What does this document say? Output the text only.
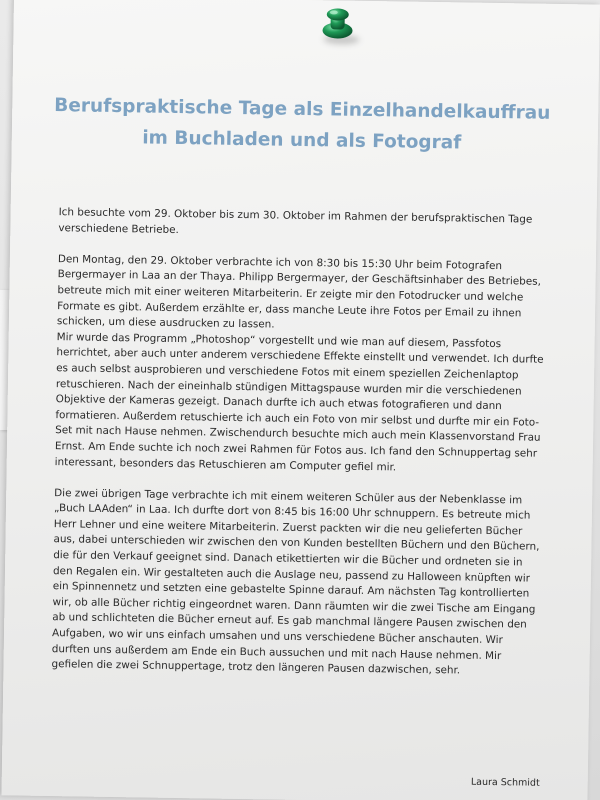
Berufspraktische Tage als Einzelhandelkauffrau im Buchladen und als Fotograf

Ich besuchte vom 29. Oktober bis zum 30. Oktober im Rahmen der berufspraktischen Tage verschiedene Betriebe.

Den Montag, den 29. Oktober verbrachte ich von 8:30 bis 15:30 Uhr beim Fotografen Bergermayer in Laa an der Thaya. Philipp Bergermayer, der Geschäftsinhaber des Betriebes, betreute mich mit einer weiteren Mitarbeiterin. Er zeigte mir den Fotodrucker und welche Formate es gibt. Außerdem erzählte er, dass manche Leute ihre Fotos per Email zu ihnen schicken, um diese ausdrucken zu lassen.

Mir wurde das Programm „Photoshop“ vorgestellt und wie man auf diesem, Passfotos herrichtet, aber auch unter anderem verschiedene Effekte einstellt und verwendet. Ich durfte es auch selbst ausprobieren und verschiedene Fotos mit einem speziellen Zeichenlaptop retuschieren. Nach der eineinhalb stündigen Mittagspause wurden mir die verschiedenen Objektive der Kameras gezeigt. Danach durfte ich auch etwas fotografieren und dann formatieren. Außerdem retuschierte ich auch ein Foto von mir selbst und durfte mir ein Foto-Set mit nach Hause nehmen. Zwischendurch besuchte mich auch mein Klassenvorstand Frau Ernst. Am Ende suchte ich noch zwei Rahmen für Fotos aus. Ich fand den Schnuppertag sehr interessant, besonders das Retuschieren am Computer gefiel mir.

Die zwei übrigen Tage verbrachte ich mit einem weiteren Schüler aus der Nebenklasse im „Buch LAAden“ in Laa. Ich durfte dort von 8:45 bis 16:00 Uhr schnuppern. Es betreute mich Herr Lehner und eine weitere Mitarbeiterin. Zuerst packten wir die neu gelieferten Bücher aus, dabei unterschieden wir zwischen den von Kunden bestellten Büchern und den Büchern, die für den Verkauf geeignet sind. Danach etikettierten wir die Bücher und ordneten sie in den Regalen ein. Wir gestalteten auch die Auslage neu, passend zu Halloween knüpften wir ein Spinnennetz und setzten eine gebastelte Spinne darauf. Am nächsten Tag kontrollierten wir, ob alle Bücher richtig eingeordnet waren. Dann räumten wir die zwei Tische am Eingang ab und schlichteten die Bücher erneut auf. Es gab manchmal längere Pausen zwischen den Aufgaben, wo wir uns einfach umsahen und uns verschiedene Bücher anschauten. Wir durften uns außerdem am Ende ein Buch aussuchen und mit nach Hause nehmen. Mir gefielen die zwei Schnuppertage, trotz den längeren Pausen dazwischen, sehr.

Laura Schmidt
